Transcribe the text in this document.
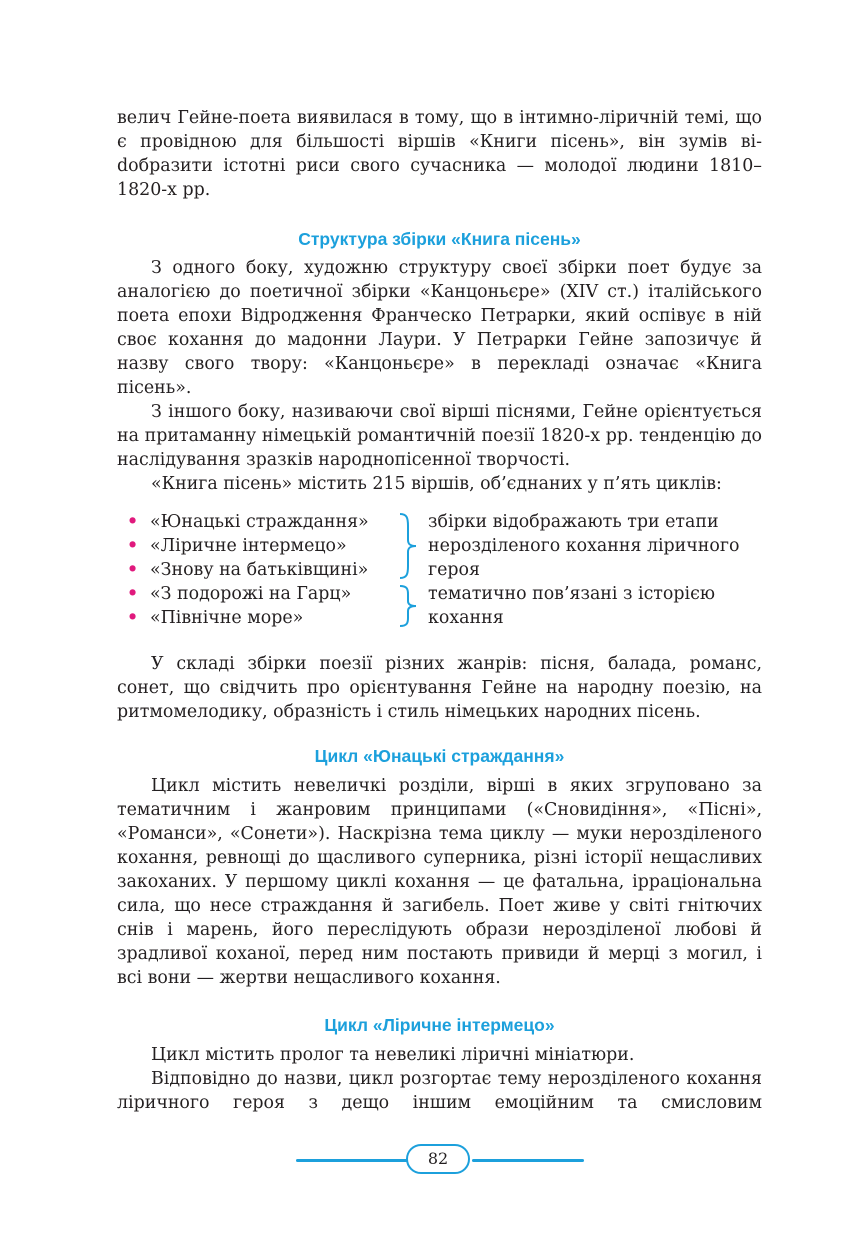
велич Гейне-поета виявилася в тому, що в інтимно-ліричній темі, що є провідною для більшості віршів «Книги пісень», він зумів віdобразити істотні риси свого сучасника — молодої людини 1810–1820-х рр.

Структура збірки «Книга пісень»

З одного боку, художню структуру своєї збірки поет будує за аналогією до поетичної збірки «Канцоньєре» (XIV ст.) італійського поета епохи Відродження Франческо Петрарки, який оспівує в ній своє кохання до мадонни Лаури. У Петрарки Гейне запозичує й назву свого твору: «Канцоньєре» в перекладі означає «Книга пісень».

З іншого боку, називаючи свої вірші піснями, Гейне орієнтується на притаманну німецькій романтичній поезії 1820-х рр. тенденцію до наслідування зразків народнопісенної творчості.

«Книга пісень» містить 215 віршів, об’єднаних у п’ять циклів:

• «Юнацькі страждання»
• «Ліричне інтермецо»
• «Знову на батьківщині»
• «З подорожі на Гарц»
• «Північне море»
збірки відображають три етапи нерозділеного кохання ліричного героя
тематично пов’язані з історією кохання

У складі збірки поезії різних жанрів: пісня, балада, романс, сонет, що свідчить про орієнтування Гейне на народну поезію, на ритмомелодику, образність і стиль німецьких народних пісень.

Цикл «Юнацькі страждання»

Цикл містить невеличкі розділи, вірші в яких згруповано за тематичним і жанровим принципами («Сновидіння», «Пісні», «Романси», «Сонети»). Наскрізна тема циклу — муки нерозділеного кохання, ревнощі до щасливого суперника, різні історії нещасливих закоханих. У першому циклі кохання — це фатальна, ірраціональна сила, що несе страждання й загибель. Поет живе у світі гнітючих снів і марень, його переслідують образи нерозділеної любові й зрадливої коханої, перед ним постають привиди й мерці з могил, і всі вони — жертви нещасливого кохання.

Цикл «Ліричне інтермецо»

Цикл містить пролог та невеликі ліричні мініатюри.

Відповідно до назви, цикл розгортає тему нерозділеного кохання ліричного героя з дещо іншим емоційним та смисловим

82
